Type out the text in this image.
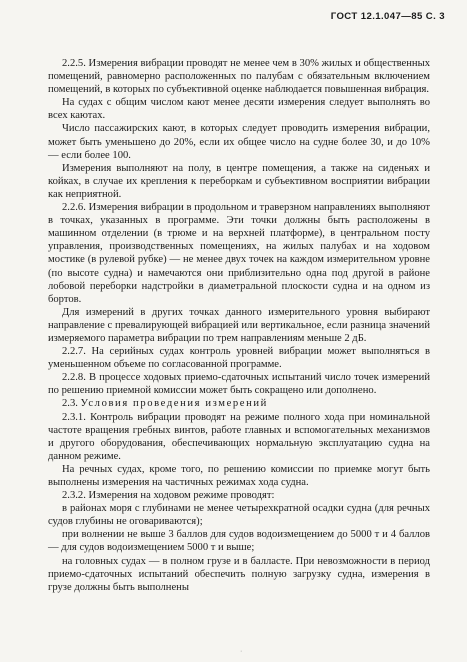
ГОСТ 12.1.047—85 С. 3

2.2.5. Измерения вибрации проводят не менее чем в 30% жилых и общественных помещений, равномерно расположенных по палубам с обязательным включением помещений, в которых по субъективной оценке наблюдается повышенная вибрация.

На судах с общим числом кают менее десяти измерения следует выполнять во всех каютах.

Число пассажирских кают, в которых следует проводить измерения вибрации, может быть уменьшено до 20%, если их общее число на судне более 30, и до 10% — если более 100.

Измерения выполняют на полу, в центре помещения, а также на сиденьях и койках, в случае их крепления к переборкам и субъективном восприятии вибрации как неприятной.

2.2.6. Измерения вибрации в продольном и траверзном направлениях выполняют в точках, указанных в программе. Эти точки должны быть расположены в машинном отделении (в трюме и на верхней платформе), в центральном посту управления, производственных помещениях, на жилых палубах и на ходовом мостике (в рулевой рубке) — не менее двух точек на каждом измерительном уровне (по высоте судна) и намечаются они приблизительно одна под другой в районе лобовой переборки надстройки в диаметральной плоскости судна и на одном из бортов.

Для измерений в других точках данного измерительного уровня выбирают направление с превалирующей вибрацией или вертикальное, если разница значений измеряемого параметра вибрации по трем направлениям меньше 2 дБ.

2.2.7. На серийных судах контроль уровней вибрации может выполняться в уменьшенном объеме по согласованной программе.

2.2.8. В процессе ходовых приемо-сдаточных испытаний число точек измерений по решению приемной комиссии может быть сокращено или дополнено.

2.3. Условия проведения измерений

2.3.1. Контроль вибрации проводят на режиме полного хода при номинальной частоте вращения гребных винтов, работе главных и вспомогательных механизмов и другого оборудования, обеспечивающих нормальную эксплуатацию судна на данном режиме.

На речных судах, кроме того, по решению комиссии по приемке могут быть выполнены измерения на частичных режимах хода судна.

2.3.2. Измерения на ходовом режиме проводят:

в районах моря с глубинами не менее четырехкратной осадки судна (для речных судов глубины не оговариваются);

при волнении не выше 3 баллов для судов водоизмещением до 5000 т и 4 баллов — для судов водоизмещением 5000 т и выше;

на головных судах — в полном грузе и в балласте. При невозможности в период приемо-сдаточных испытаний обеспечить полную загрузку судна, измерения в грузе должны быть выполнены

·
